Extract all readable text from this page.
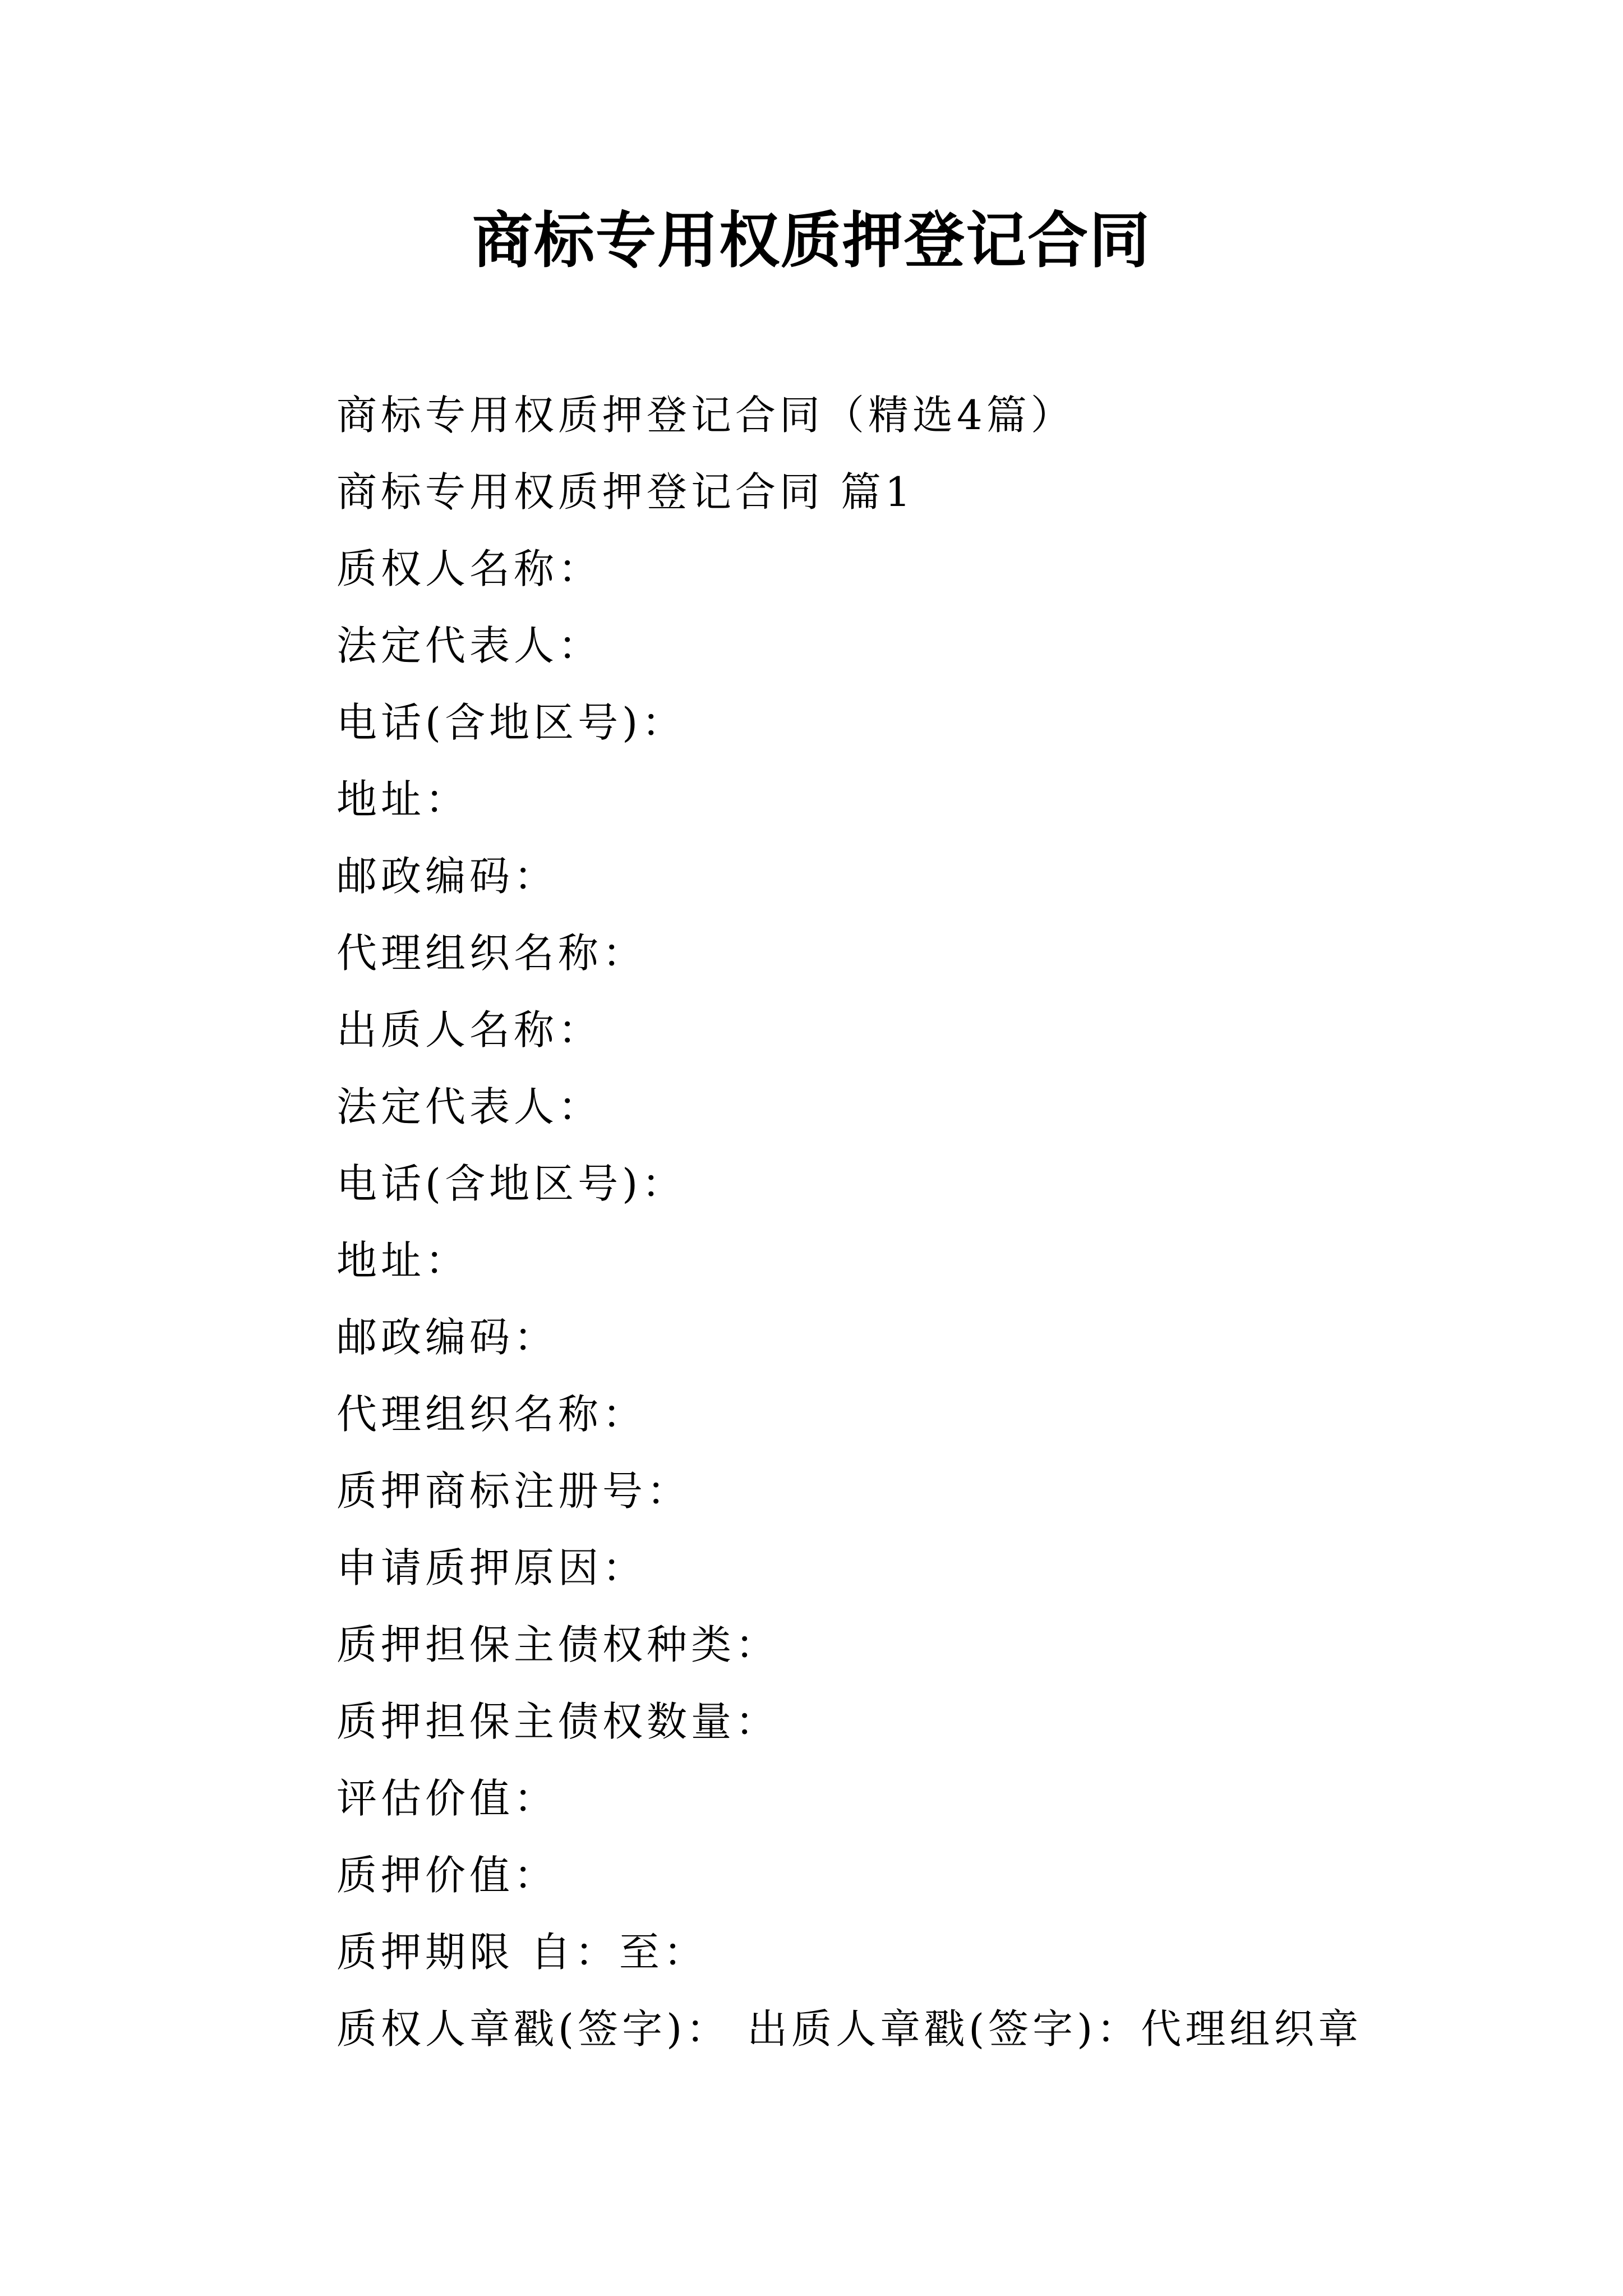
商标专用权质押登记合同
商标专用权质押登记合同（精选4篇）
商标专用权质押登记合同 篇1
质权人名称：
法定代表人：
电话(含地区号)：
地址：
邮政编码：
代理组织名称：
出质人名称：
法定代表人：
电话(含地区号)：
地址：
邮政编码：
代理组织名称：
质押商标注册号：
申请质押原因：
质押担保主债权种类：
质押担保主债权数量：
评估价值：
质押价值：
质押期限 自：至：
质权人章戳(签字)： 出质人章戳(签字)：代理组织章
